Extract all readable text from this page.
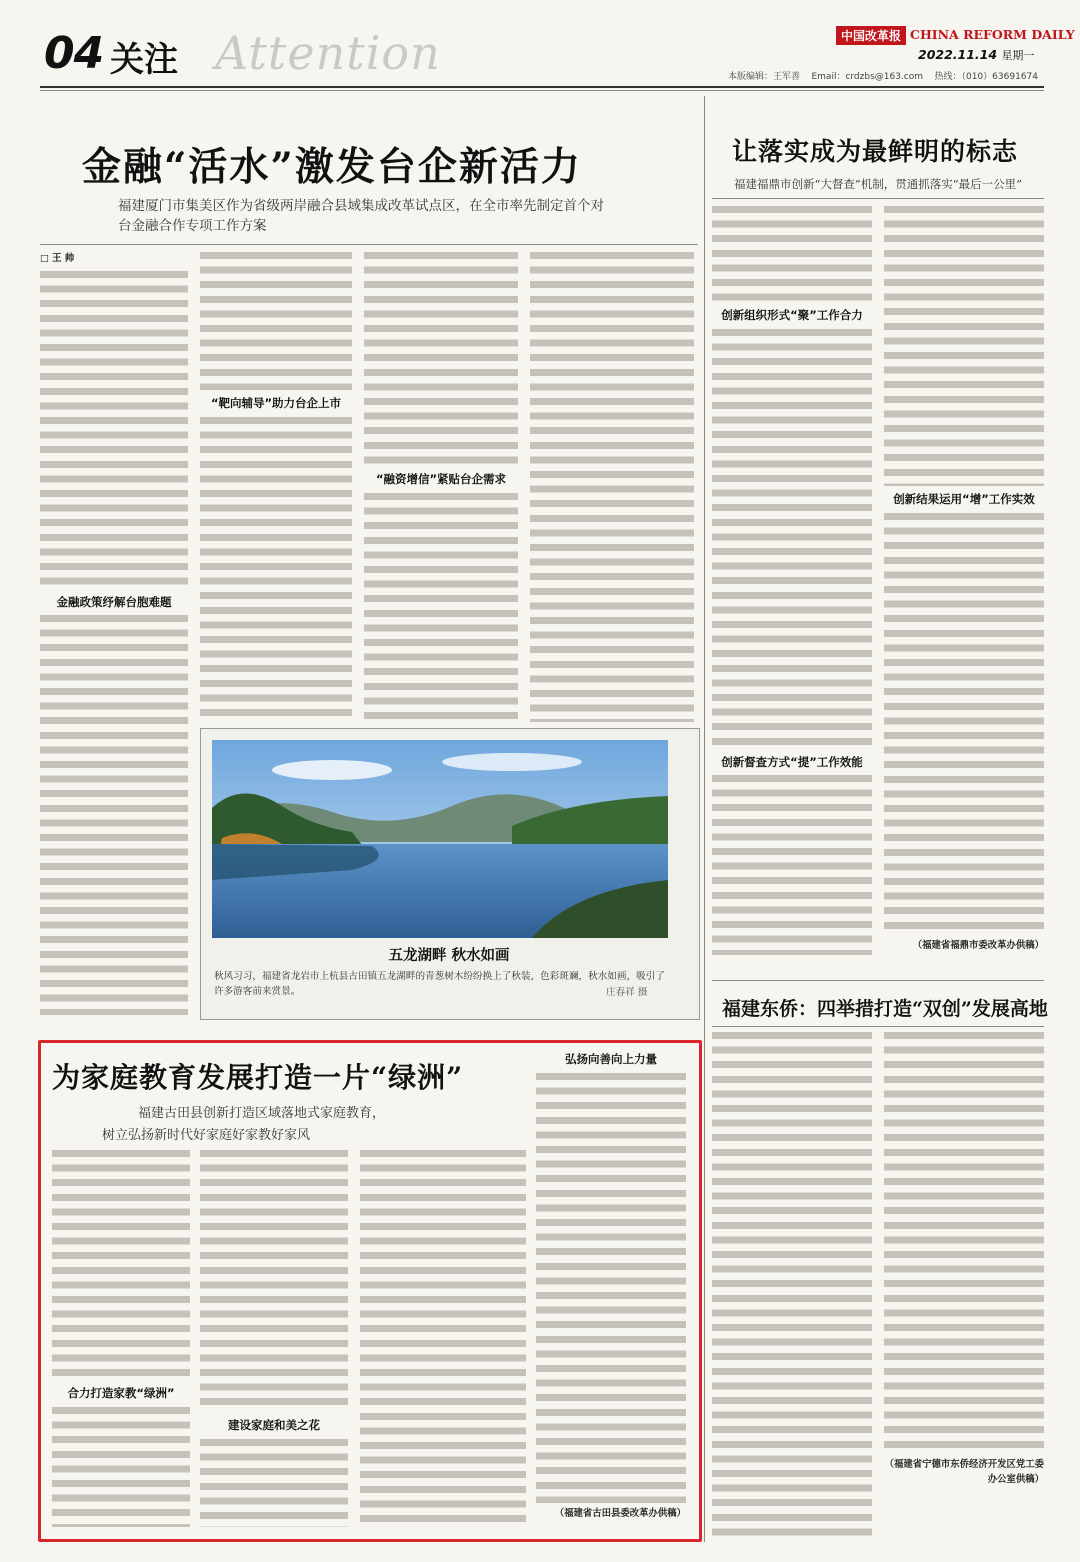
04 关注 Attention	中国改革报 CHINA REFORM DAILY
2022.11.14 星期一
本版编辑：王军善 Email：crdzbs@163.com 热线：（010）63691674
金融“活水”激发台企新活力
福建厦门市集美区作为省级两岸融合县域集成改革试点区，在全市率先制定首个对台金融合作专项工作方案

□ 王 帅

金融政策纾解台胞难题

“靶向辅导”助力台企上市

“融资增信”紧贴台企需求

五龙湖畔 秋水如画
秋风习习，福建省龙岩市上杭县古田镇五龙湖畔的青葱树木纷纷换上了秋装，色彩斑斓，秋水如画，吸引了许多游客前来赏景。	庄春祥 摄
让落实成为最鲜明的标志
福建福鼎市创新“大督查”机制，贯通抓落实“最后一公里”

创新组织形式“聚”工作合力

创新督查方式“提”工作效能

创新结果运用“增”工作实效

（福建省福鼎市委改革办供稿）

福建东侨：四举措打造“双创”发展高地

（福建省宁德市东侨经济开发区党工委办公室供稿）

为家庭教育发展打造一片“绿洲”
福建古田县创新打造区域落地式家庭教育，
树立弘扬新时代好家庭好家教好家风

合力打造家教“绿洲”

建设家庭和美之花

弘扬向善向上力量

（福建省古田县委改革办供稿）
